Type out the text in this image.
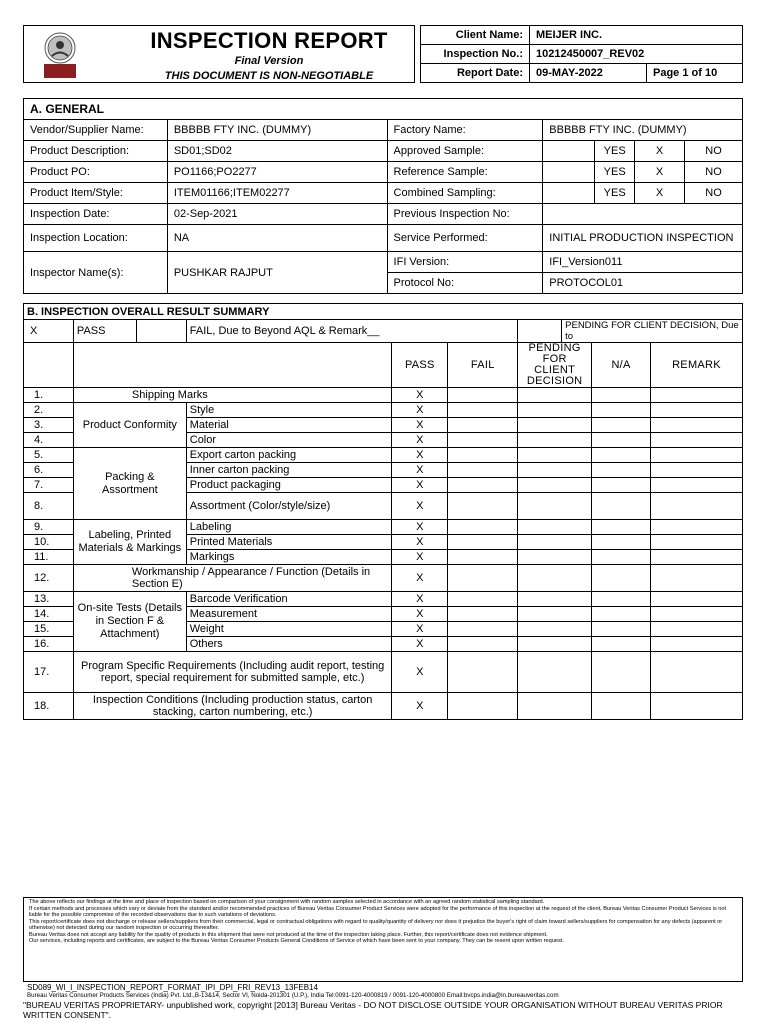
INSPECTION REPORT
Final Version
THIS DOCUMENT IS NON-NEGOTIABLE
Client Name:	MEIJER INC.	
Inspection No.:	10212450007_REV02	
Report Date:	09-MAY-2022	Page 1 of 10
A. GENERAL						
Vendor/Supplier Name:	BBBBB FTY INC. (DUMMY)	Factory Name:	BBBBB FTY INC. (DUMMY)			
Product Description:	SD01;SD02	Approved Sample:		YES	X	NO
Product PO:	PO1166;PO2277	Reference Sample:		YES	X	NO
Product Item/Style:	ITEM01166;ITEM02277	Combined Sampling:		YES	X	NO
Inspection Date:	02-Sep-2021	Previous Inspection No:				
Inspection Location:	NA	Service Performed:	INITIAL PRODUCTION INSPECTION			
Inspector Name(s):	PUSHKAR RAJPUT	IFI Version:	IFI_Version011			
		Protocol No:	PROTOCOL01			
B. INSPECTION OVERALL RESULT SUMMARY									
X	PASS		FAIL, Due to Beyond AQL & Remark__				PENDING FOR CLIENT DECISION, Due to		
				PASS	FAIL	PENDING FOR CLIENT DECISION		N/A	REMARK
1.	Shipping Marks			X					
2.	Product Conformity		Style	X					
3.			Material	X					
4.			Color	X					
5.	Packing & Assortment		Export carton packing	X					
6.			Inner carton packing	X					
7.			Product packaging	X					
8.			Assortment (Color/style/size)	X					
9.	Labeling, Printed Materials & Markings		Labeling	X					
10.			Printed Materials	X					
11.			Markings	X					
12.	Workmanship / Appearance / Function (Details in Section E)			X					
13.	On-site Tests (Details in Section F & Attachment)		Barcode Verification	X					
14.			Measurement	X					
15.			Weight	X					
16.			Others	X					
17.	Program Specific Requirements (Including audit report, testing report, special requirement for submitted sample, etc.)			X					
18.	Inspection Conditions (Including production status, carton stacking, carton numbering, etc.)			X					

The above reflects our findings at the time and place of inspection based on comparison of your consignment with random samples selected in accordance with an agreed random statistical sampling standard.

If certain methods and processes which vary or deviate from the standard and/or recommended practices of Bureau Veritas Consumer Product Services were adopted for the performance of this inspection at the request of the client, Bureau Veritas Consumer Product Services is not liable for the possible compromise of the recorded observations due to such variations of deviations.

This report/certificate does not discharge or release sellers/suppliers from their commercial, legal or contractual obligations with regard to quality/quantity of delivery nor does it prejudice the buyer's right of claim toward sellers/suppliers for compensation for any defects (apparent or otherwise) not detected during our random inspection or occurring thereafter.

Bureau Veritas does not accept any liability for the quality of products in this shipment that were not produced at the time of the inspection taking place. Further, this report/certificate does not evidence shipment.

Our services, including reports and certificates, are subject to the Bureau Veritas Consumer Products General Conditions of Service of which have been sent to your company. They can be resent upon written request.

SD089_WI_I_INSPECTION_REPORT_FORMAT_IPI_DPI_FRI_REV13_13FEB14
Bureau Veritas Consumer Products Services (India) Pvt. Ltd.,B-13&14, Sector VI, Noida-201301 (U.P.), India Tel:0091-120-4000819 / 0091-120-4000800 Email:bvcps.india@in.bureauveritas.com
"BUREAU VERITAS PROPRIETARY- unpublished work, copyright [2013] Bureau Veritas - DO NOT DISCLOSE OUTSIDE YOUR ORGANISATION WITHOUT BUREAU VERITAS PRIOR WRITTEN CONSENT".
